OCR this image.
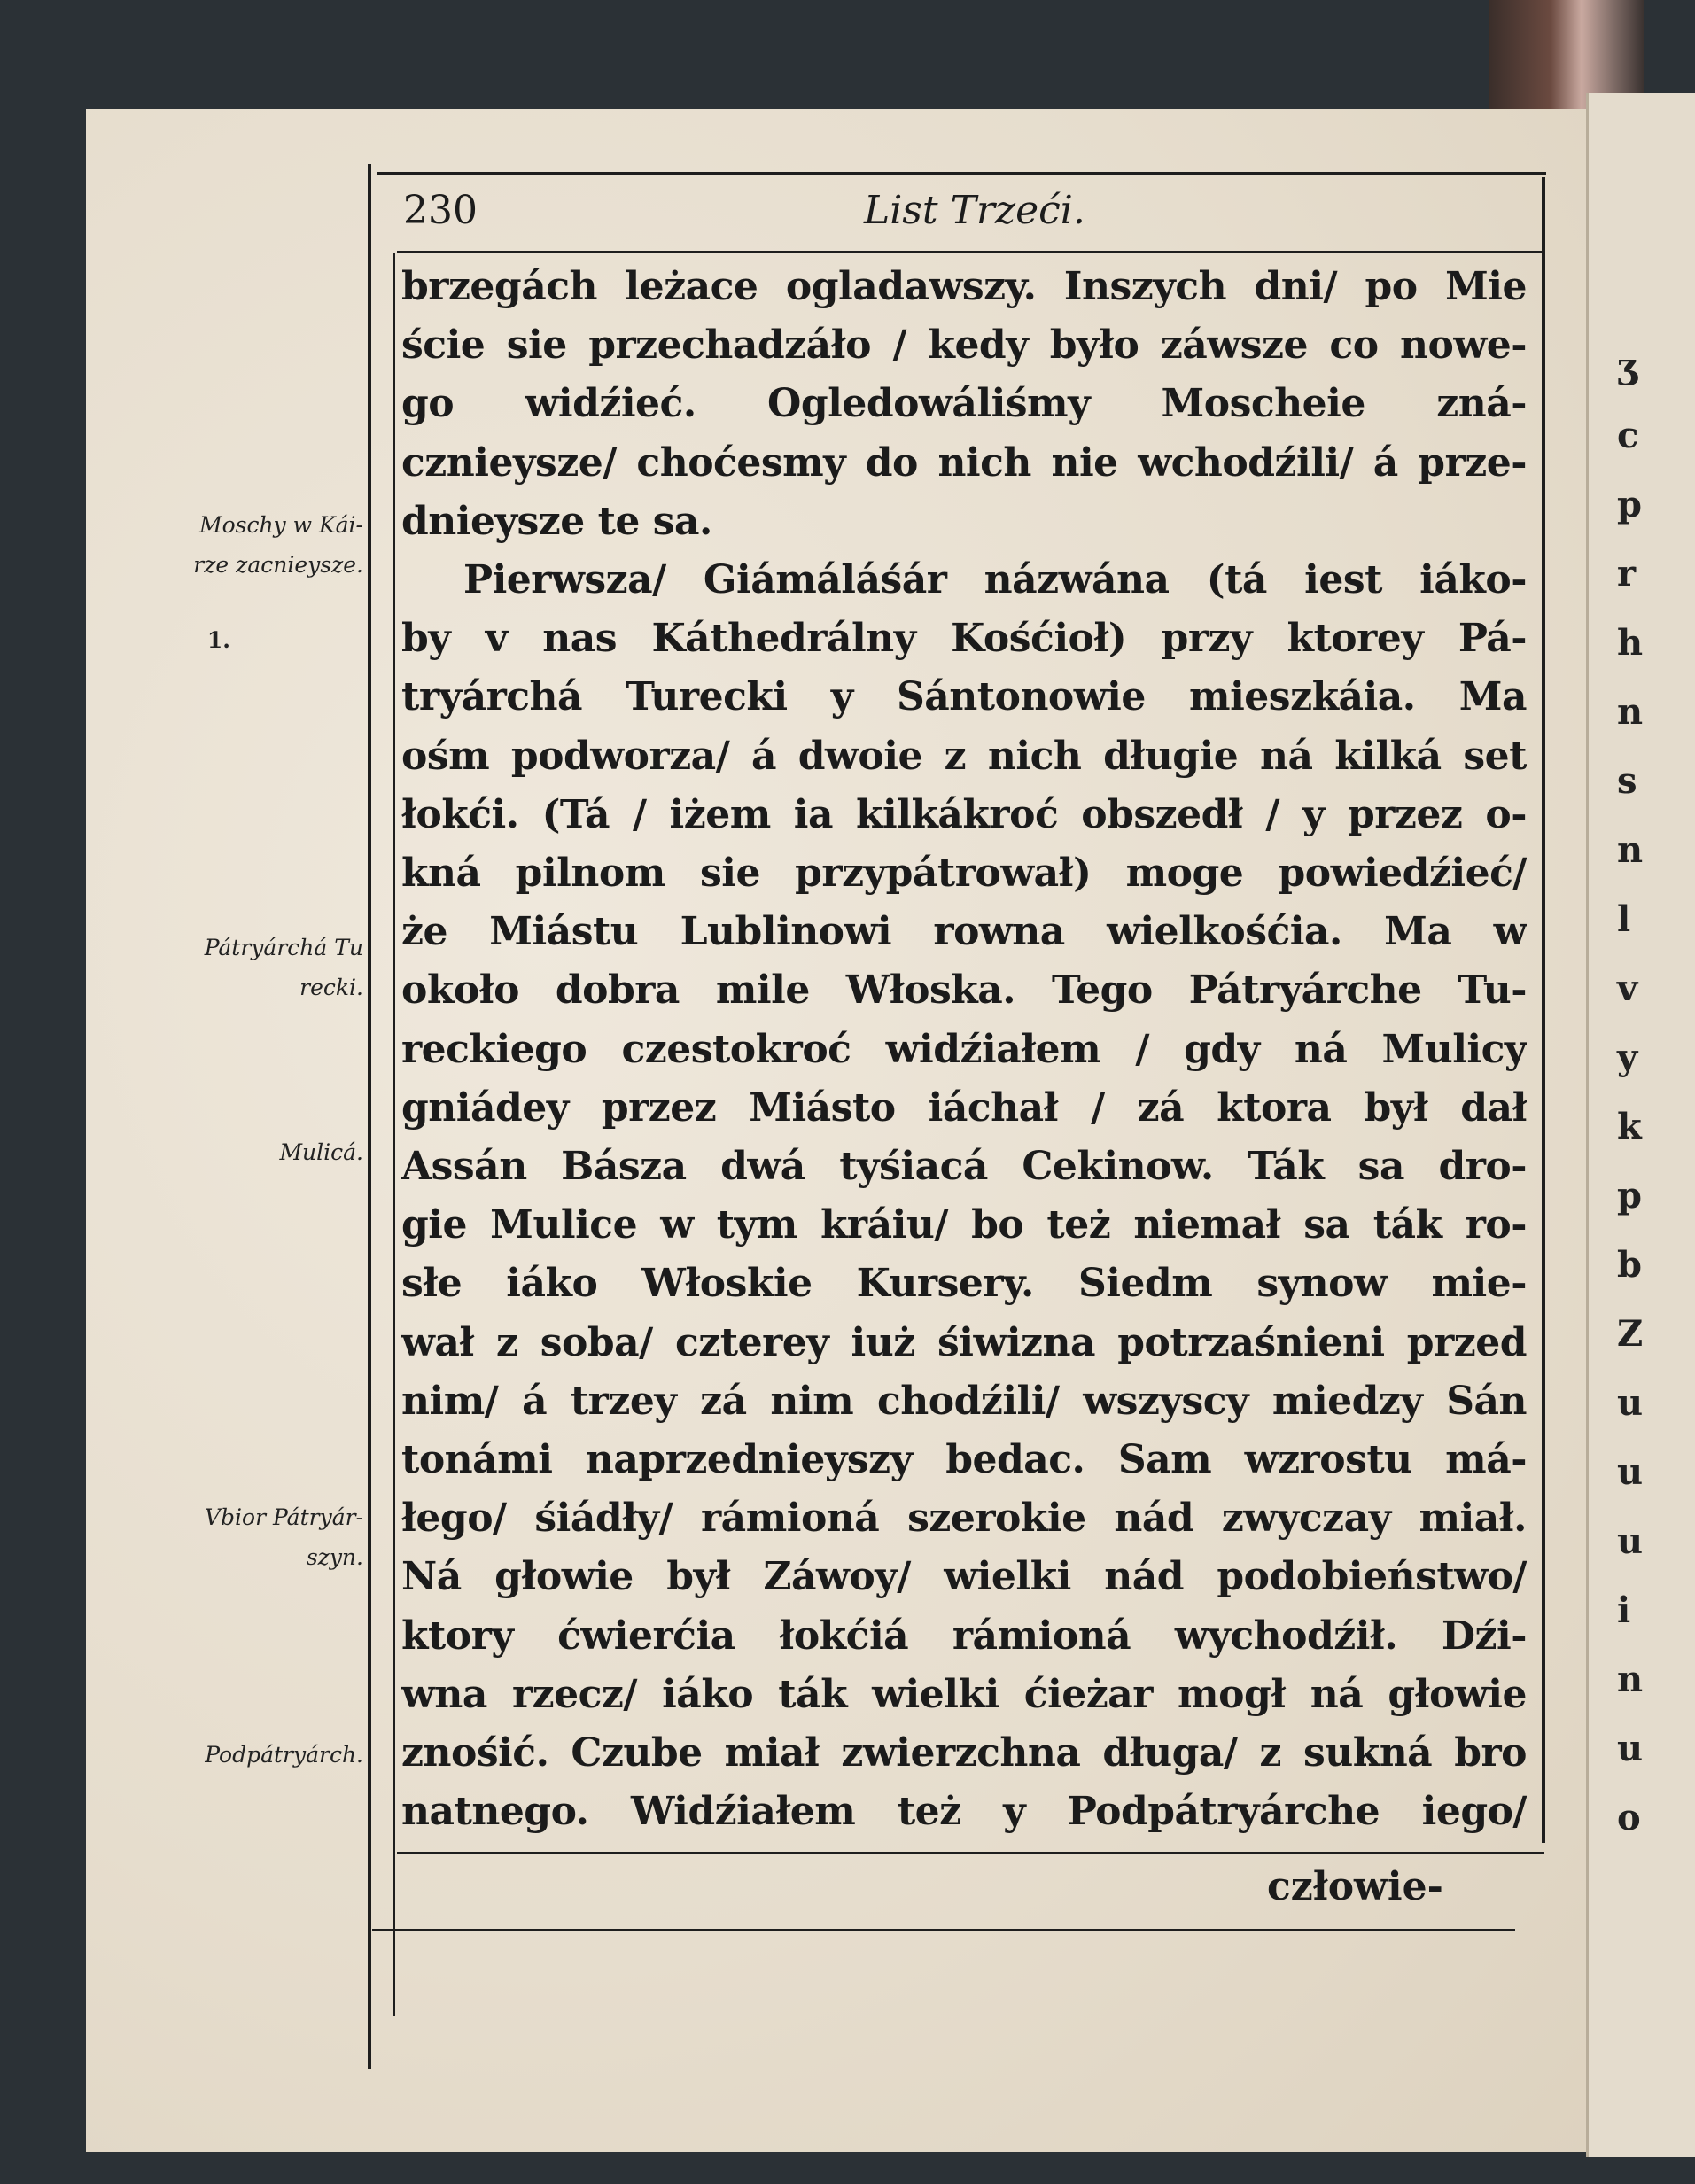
230	List Trzeći.
brzegách leżace ogladawszy. Inszych dni/ po Mie
ście sie przechadzáło / kedy było záwsze co nowe-
go widźieć. Ogledowáliśmy Moscheie zná-
cznieysze/ choćesmy do nich nie wchodźili/ á prze-
dnieysze te sa.
Pierwsza/ Giámáláśár názwána (tá iest iáko-
by v nas Káthedrálny Kośćioł) przy ktorey Pá-
tryárchá Turecki y Sántonowie mieszkáia. Ma
ośm podworza/ á dwoie z nich długie ná kilká set
łokći. (Tá / iżem ia kilkákroć obszedł / y przez o-
kná pilnom sie przypátrował) moge powiedźieć/
że Miástu Lublinowi rowna wielkośćia. Ma w
około dobra mile Włoska. Tego Pátryárche Tu-
reckiego czestokroć widźiałem / gdy ná Mulicy
gniádey przez Miásto iáchał / zá ktora był dał
Assán Básza dwá tyśiacá Cekinow. Ták sa dro-
gie Mulice w tym kráiu/ bo też niemał sa ták ro-
słe iáko Włoskie Kursery. Siedm synow mie-
wał z soba/ czterey iuż śiwizna potrzaśnieni przed
nim/ á trzey zá nim chodźili/ wszyscy miedzy Sán
tonámi naprzednieyszy bedac. Sam wzrostu má-
łego/ śiádły/ rámioná szerokie nád zwyczay miał.
Ná głowie był Záwoy/ wielki nád podobieństwo/
ktory ćwierćia łokćiá rámioná wychodźił. Dźi-
wna rzecz/ iáko ták wielki ćieżar mogł ná głowie
znośić. Czube miał zwierzchna długa/ z sukná bro
natnego. Widźiałem też y Podpátryárche iego/
człowie-
Moschy w Kái-
rze zacnieysze.
1.
Pátryárchá Tu
recki.
Mulicá.
Vbior Pátryár-
szyn.
Podpátryárch.
ʒ
c
p
r
h
n
s
n
l
v
y
k
p
b
Z
u
u
u
i
n
u
o
